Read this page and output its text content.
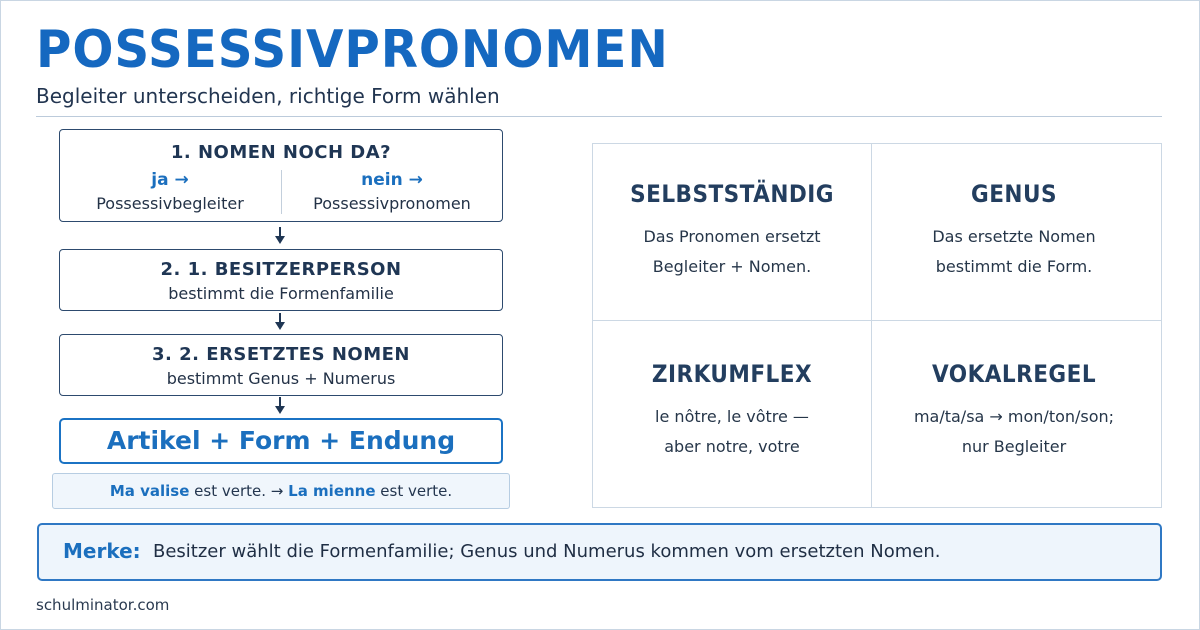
POSSESSIVPRONOMEN
Begleiter unterscheiden, richtige Form wählen
1. NOMEN NOCH DA?
ja →
Possessivbegleiter
nein →
Possessivpronomen
2. 1. BESITZERPERSON
bestimmt die Formenfamilie
3. 2. ERSETZTES NOMEN
bestimmt Genus + Numerus
Artikel + Form + Endung
Ma valise est verte. → La mienne est verte.
SELBSTSTÄNDIG
Das Pronomen ersetzt
Begleiter + Nomen.
GENUS
Das ersetzte Nomen
bestimmt die Form.
ZIRKUMFLEX
le nôtre, le vôtre —
aber notre, votre
VOKALREGEL
ma/ta/sa → mon/ton/son;
nur Begleiter
Merke: Besitzer wählt die Formenfamilie; Genus und Numerus kommen vom ersetzten Nomen.
schulminator.com
